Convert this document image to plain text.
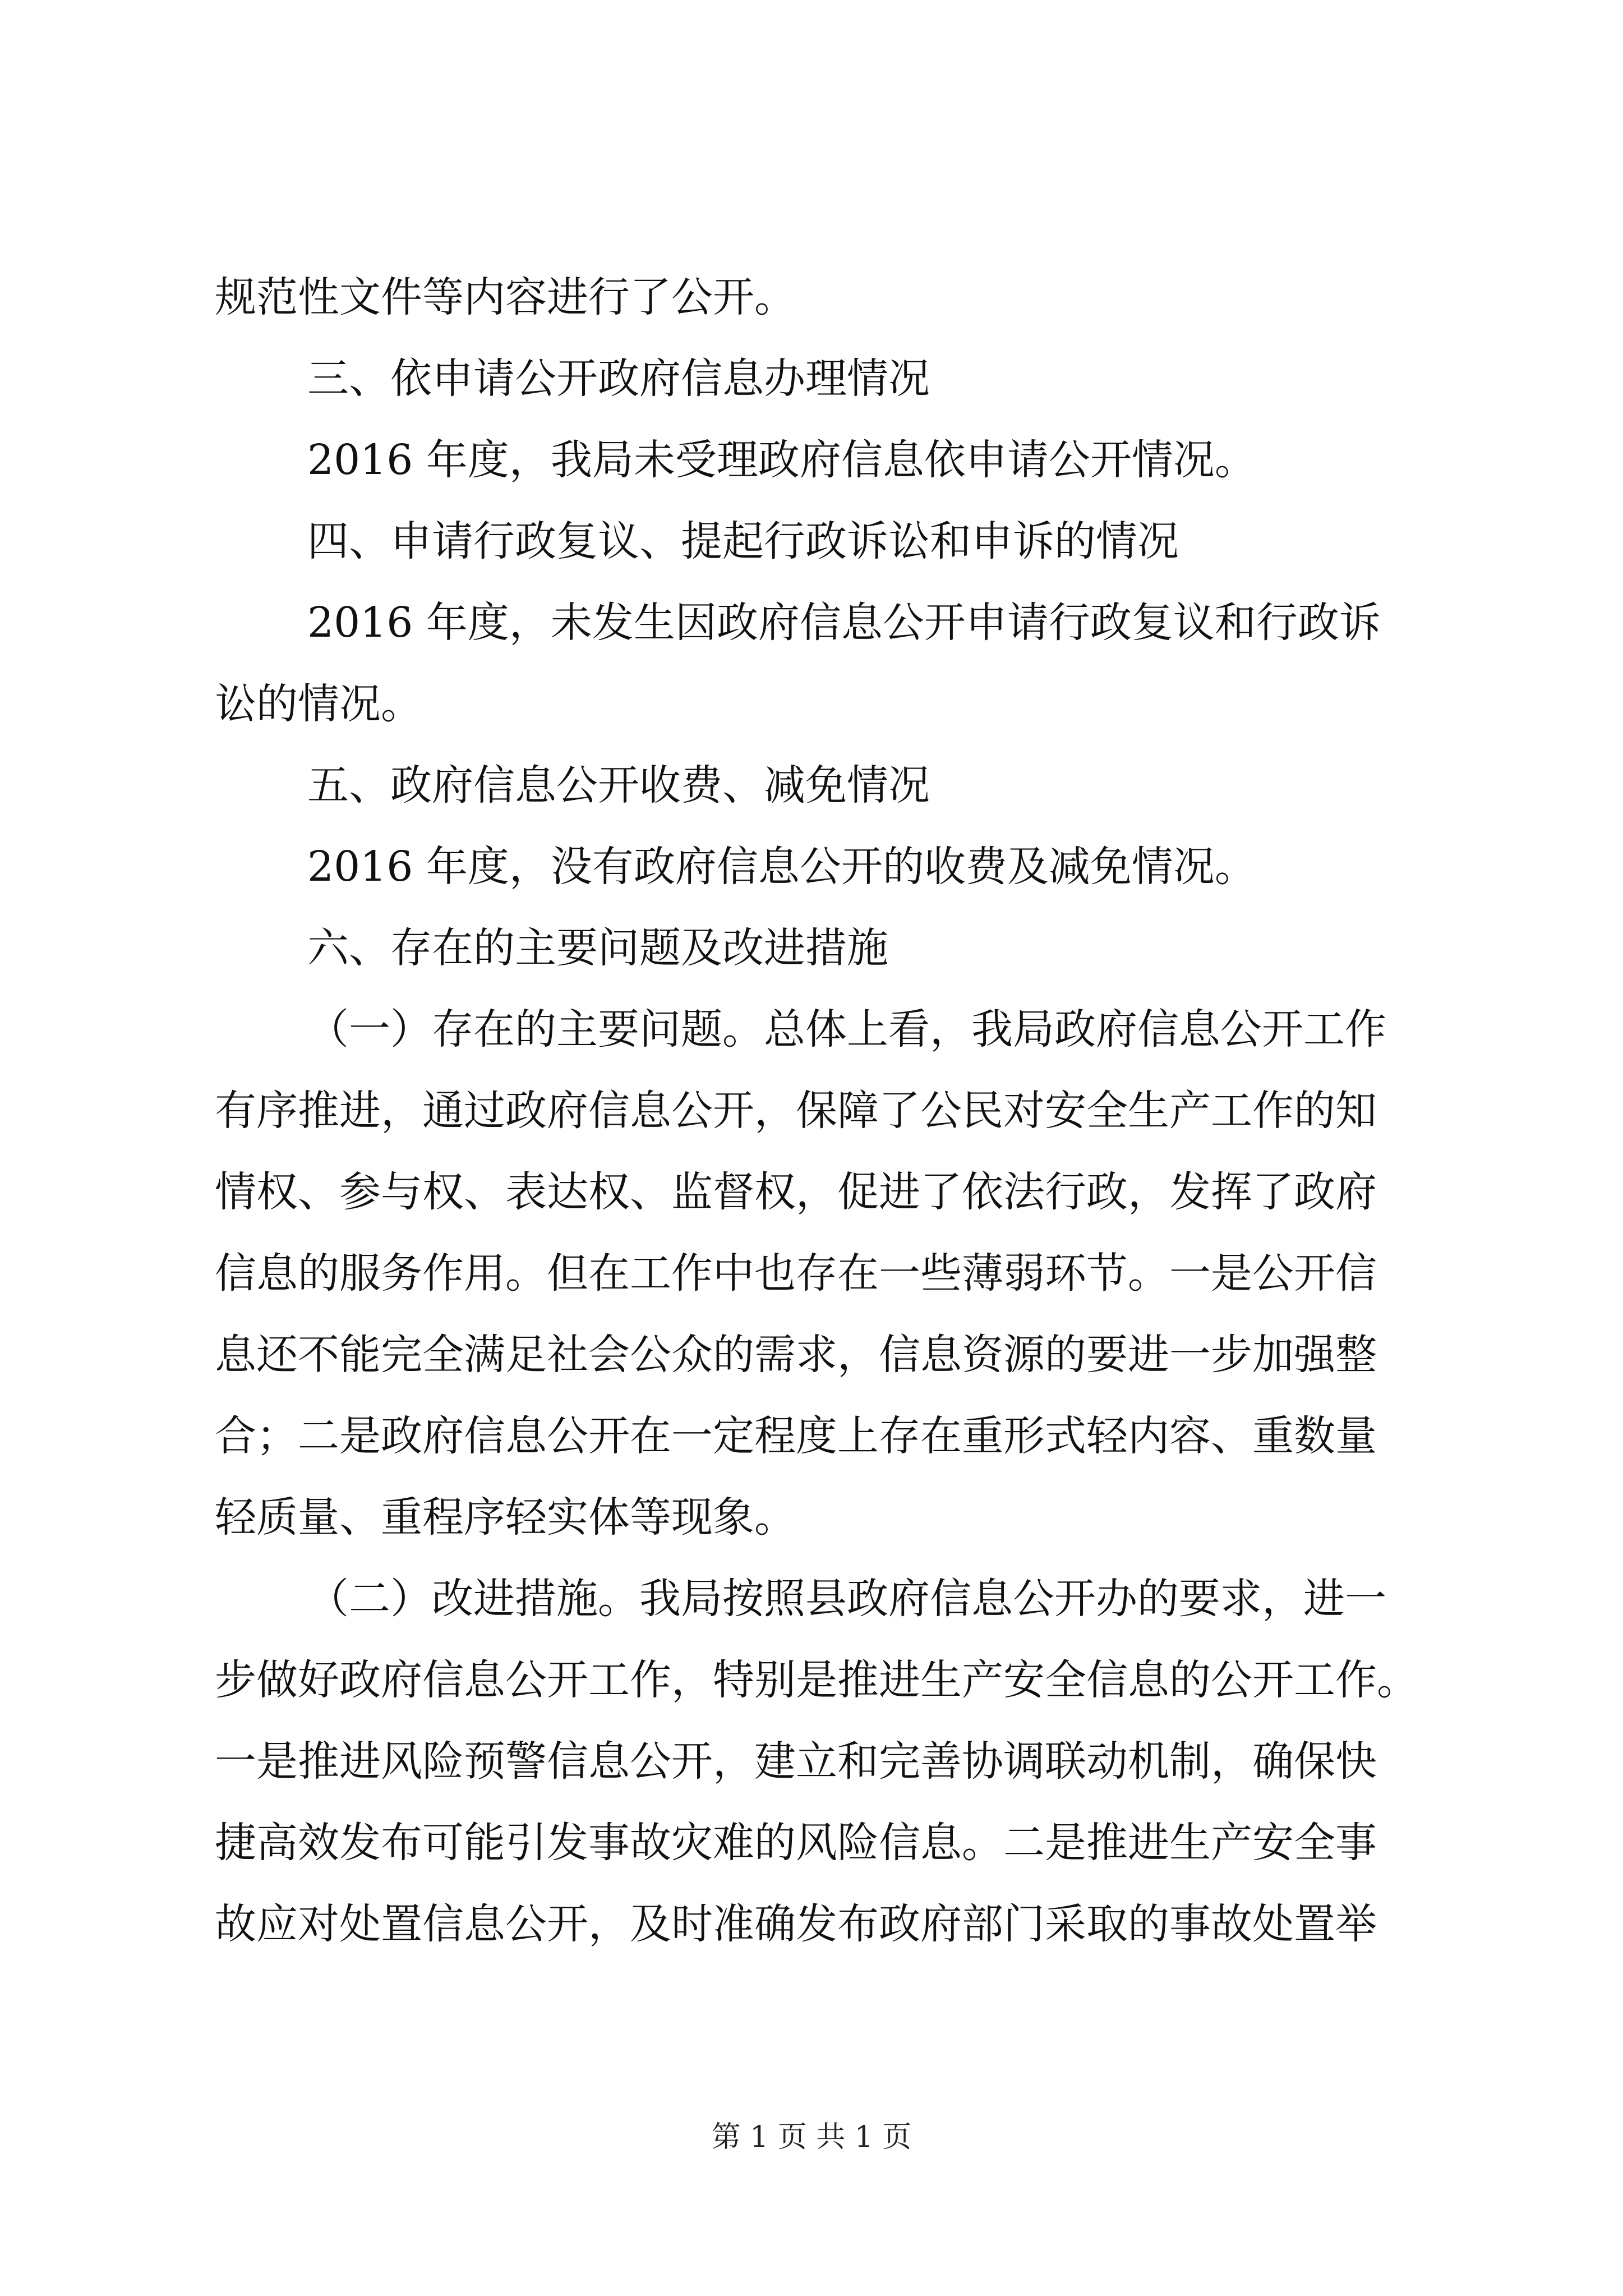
规范性文件等内容进行了公开。
三、依申请公开政府信息办理情况
2016 年度，我局未受理政府信息依申请公开情况。
四、申请行政复议、提起行政诉讼和申诉的情况
2016 年度，未发生因政府信息公开申请行政复议和行政诉
讼的情况。
五、政府信息公开收费、减免情况
2016 年度，没有政府信息公开的收费及减免情况。
六、存在的主要问题及改进措施
（一）存在的主要问题。总体上看，我局政府信息公开工作
有序推进，通过政府信息公开，保障了公民对安全生产工作的知
情权、参与权、表达权、监督权，促进了依法行政，发挥了政府
信息的服务作用。但在工作中也存在一些薄弱环节。一是公开信
息还不能完全满足社会公众的需求，信息资源的要进一步加强整
合；二是政府信息公开在一定程度上存在重形式轻内容、重数量
轻质量、重程序轻实体等现象。
（二）改进措施。我局按照县政府信息公开办的要求，进一
步做好政府信息公开工作，特别是推进生产安全信息的公开工作。
一是推进风险预警信息公开，建立和完善协调联动机制，确保快
捷高效发布可能引发事故灾难的风险信息。二是推进生产安全事
故应对处置信息公开，及时准确发布政府部门采取的事故处置举
第 1 页 共 1 页
